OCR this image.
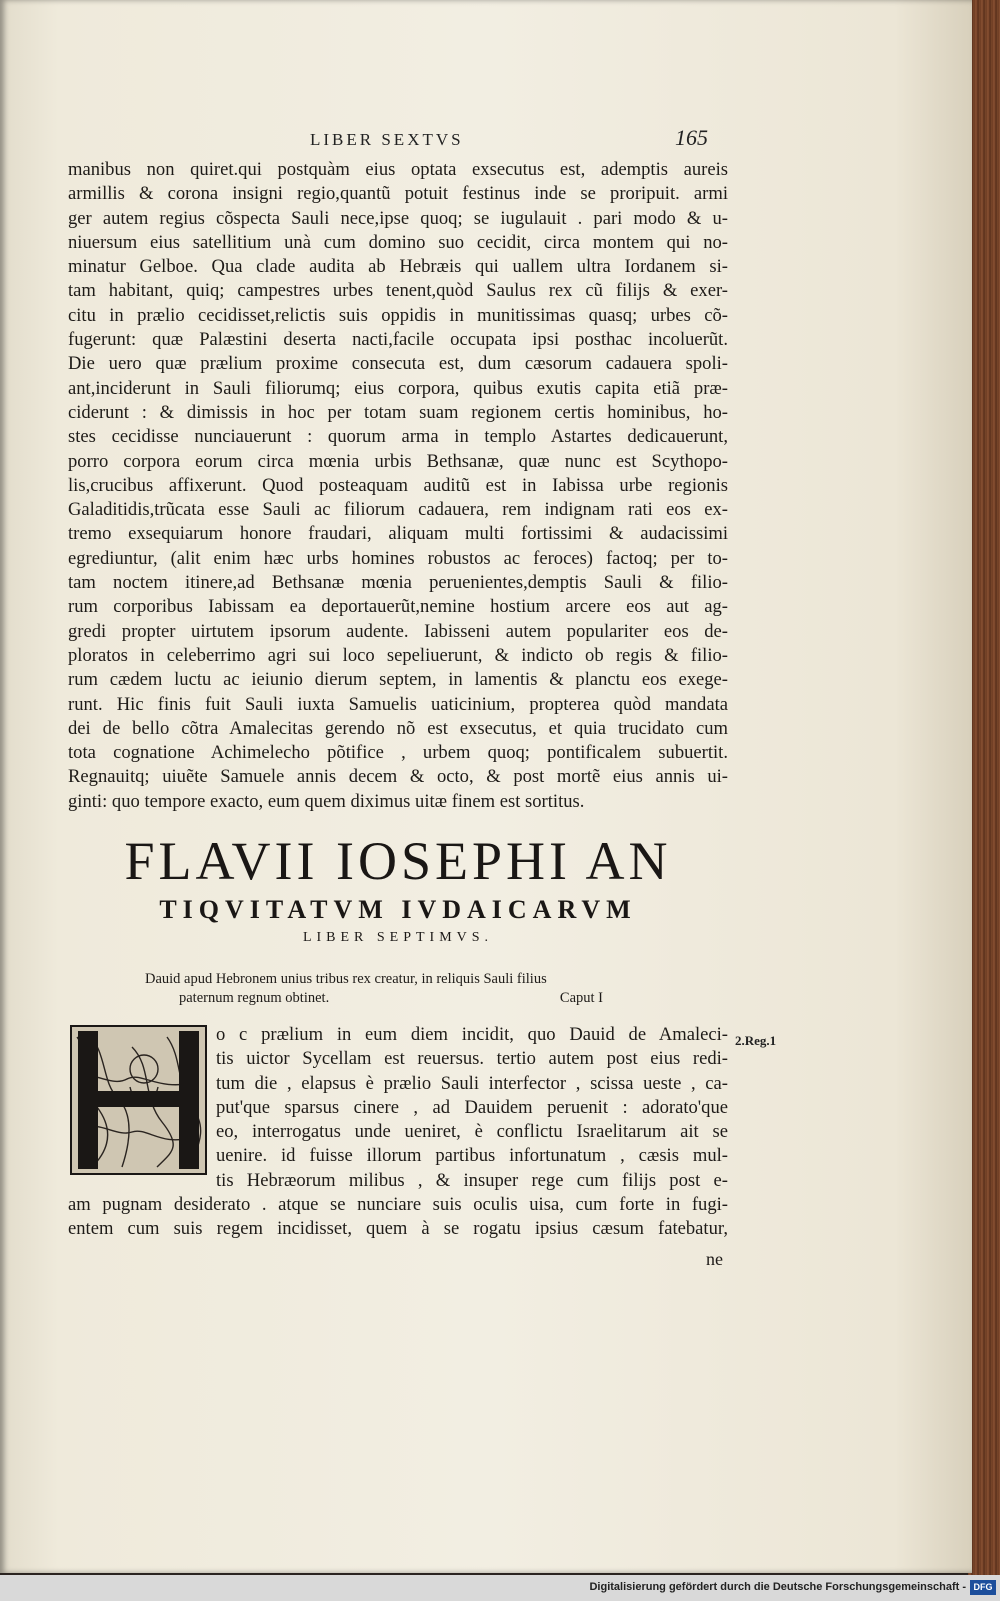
LIBER SEXTVS	165
manibus non quiret.qui postquàm eius optata exsecutus est, ademptis aureis
armillis & corona insigni regio,quantũ potuit festinus inde se proripuit. armi
ger autem regius cõspecta Sauli nece,ipse quoq; se iugulauit . pari modo & u-
niuersum eius satellitium unà cum domino suo cecidit, circa montem qui no-
minatur Gelboe. Qua clade audita ab Hebræis qui uallem ultra Iordanem si-
tam habitant, quiq; campestres urbes tenent,quòd Saulus rex cũ filijs & exer-
citu in prælio cecidisset,relictis suis oppidis in munitissimas quasq; urbes cõ-
fugerunt: quæ Palæstini deserta nacti,facile occupata ipsi posthac incoluerũt.
Die uero quæ prælium proxime consecuta est, dum cæsorum cadauera spoli-
ant,inciderunt in Sauli filiorumq; eius corpora, quibus exutis capita etiã præ-
ciderunt : & dimissis in hoc per totam suam regionem certis hominibus, ho-
stes cecidisse nunciauerunt : quorum arma in templo Astartes dedicauerunt,
porro corpora eorum circa mœnia urbis Bethsanæ, quæ nunc est Scythopo-
lis,crucibus affixerunt. Quod posteaquam auditũ est in Iabissa urbe regionis
Galaditidis,trũcata esse Sauli ac filiorum cadauera, rem indignam rati eos ex-
tremo exsequiarum honore fraudari, aliquam multi fortissimi & audacissimi
egrediuntur, (alit enim hæc urbs homines robustos ac feroces) factoq; per to-
tam noctem itinere,ad Bethsanæ mœnia peruenientes,demptis Sauli & filio-
rum corporibus Iabissam ea deportauerũt,nemine hostium arcere eos aut ag-
gredi propter uirtutem ipsorum audente. Iabisseni autem populariter eos de-
ploratos in celeberrimo agri sui loco sepeliuerunt, & indicto ob regis & filio-
rum cædem luctu ac ieiunio dierum septem, in lamentis & planctu eos exege-
runt. Hic finis fuit Sauli iuxta Samuelis uaticinium, propterea quòd mandata
dei de bello cõtra Amalecitas gerendo nõ est exsecutus, et quia trucidato cum
tota cognatione Achimelecho põtifice , urbem quoq; pontificalem subuertit.
Regnauitq; uiuẽte Samuele annis decem & octo, & post mortẽ eius annis ui-
ginti: quo tempore exacto, eum quem diximus uitæ finem est sortitus.
FLAVII IOSEPHI AN
TIQVITATVM IVDAICARVM
LIBER SEPTIMVS.
Dauid apud Hebronem unius tribus rex creatur, in reliquis Sauli filius
paternum regnum obtinet.	Caput I
H
o c prælium in eum diem incidit, quo Dauid de Amaleci-
tis uictor Sycellam est reuersus. tertio autem post eius redi-
tum die , elapsus è prælio Sauli interfector , scissa ueste , ca-
put'que sparsus cinere , ad Dauidem peruenit : adorato'que
eo, interrogatus unde ueniret, è conflictu Israelitarum ait se
uenire. id fuisse illorum partibus infortunatum , cæsis mul-
tis Hebræorum milibus , & insuper rege cum filijs post e-
am pugnam desiderato . atque se nunciare suis oculis uisa, cum forte in fugi-
entem cum suis regem incidisset, quem à se rogatu ipsius cæsum fatebatur,
2.Reg.1
ne
Digitalisierung gefördert durch die Deutsche Forschungsgemeinschaft - DFG
